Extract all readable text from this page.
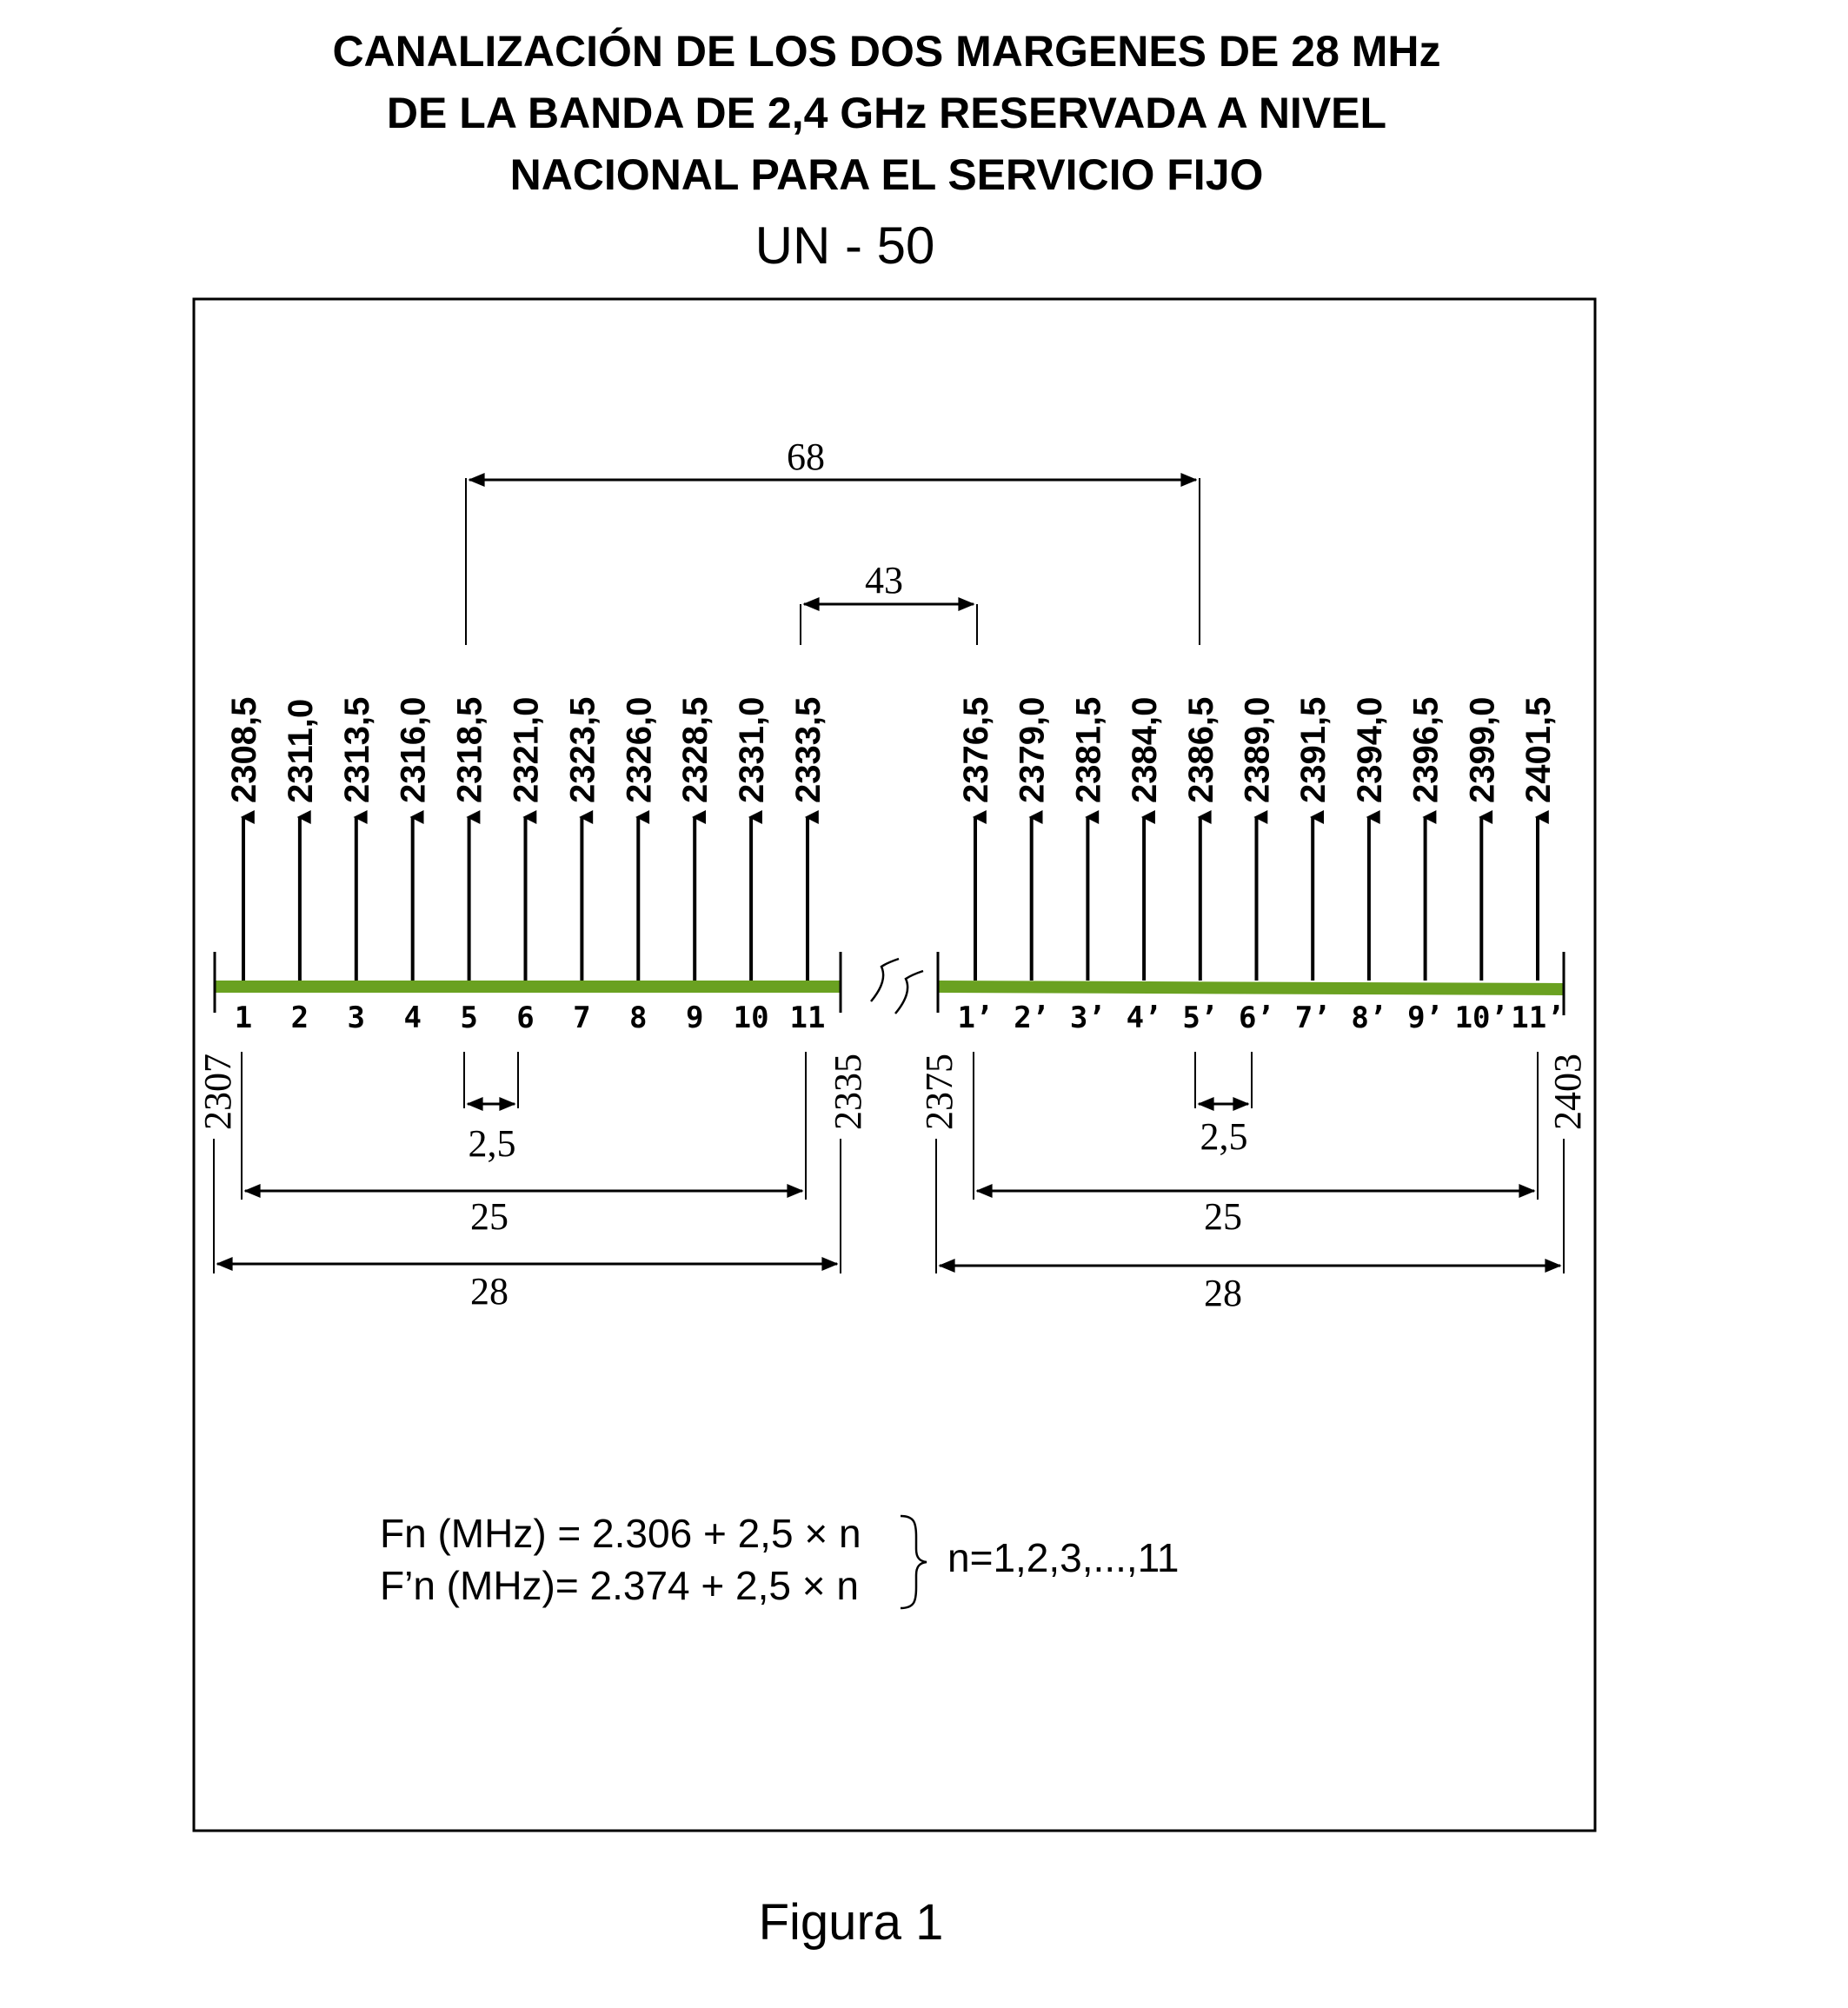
CANALIZACIÓN DE LOS DOS MARGENES DE 28 MHz
DE LA BANDA DE 2,4 GHz RESERVADA A NIVEL
NACIONAL PARA EL SERVICIO FIJO
UN - 50
2308,5
1
2311,0
2
2313,5
3
2316,0
4
2318,5
5
2321,0
6
2323,5
7
2326,0
8
2328,5
9
2331,0
10
2333,5
11
2376,5
1’
2379,0
2’
2381,5
3’
2384,0
4’
2386,5
5’
2389,0
6’
2391,5
7’
2394,0
8’
2396,5
9’
2399,0
10’
2401,5
11’
2307	2335 2375	2403
2,5	2,5
25	25
28	28
68
43
Fn (MHz) = 2.306 + 2,5 × n
F’n (MHz)= 2.374 + 2,5 × n
n=1,2,3,...,11
Figura 1
